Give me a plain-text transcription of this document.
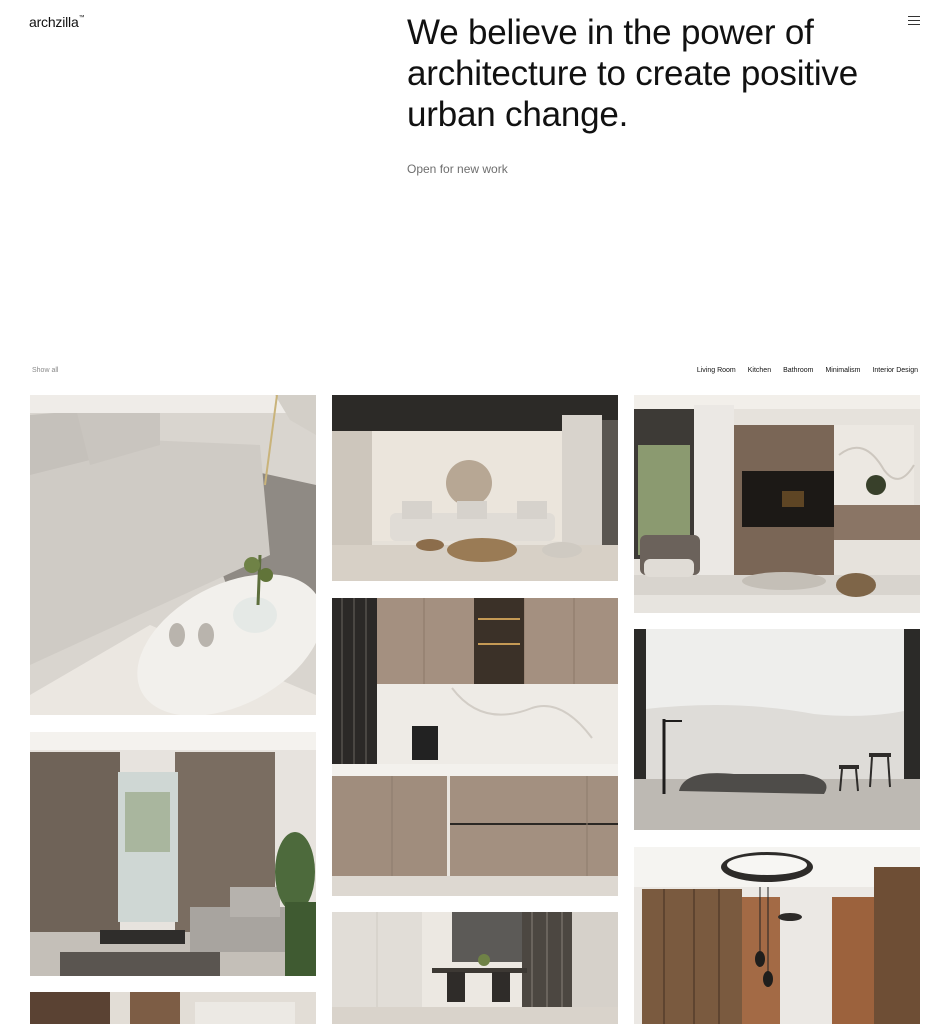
archzilla™	We believe in the power of architecture to create positive urban change.
Open for new work
Show all	Living Room Kitchen Bathroom Minimalism Interior Design
